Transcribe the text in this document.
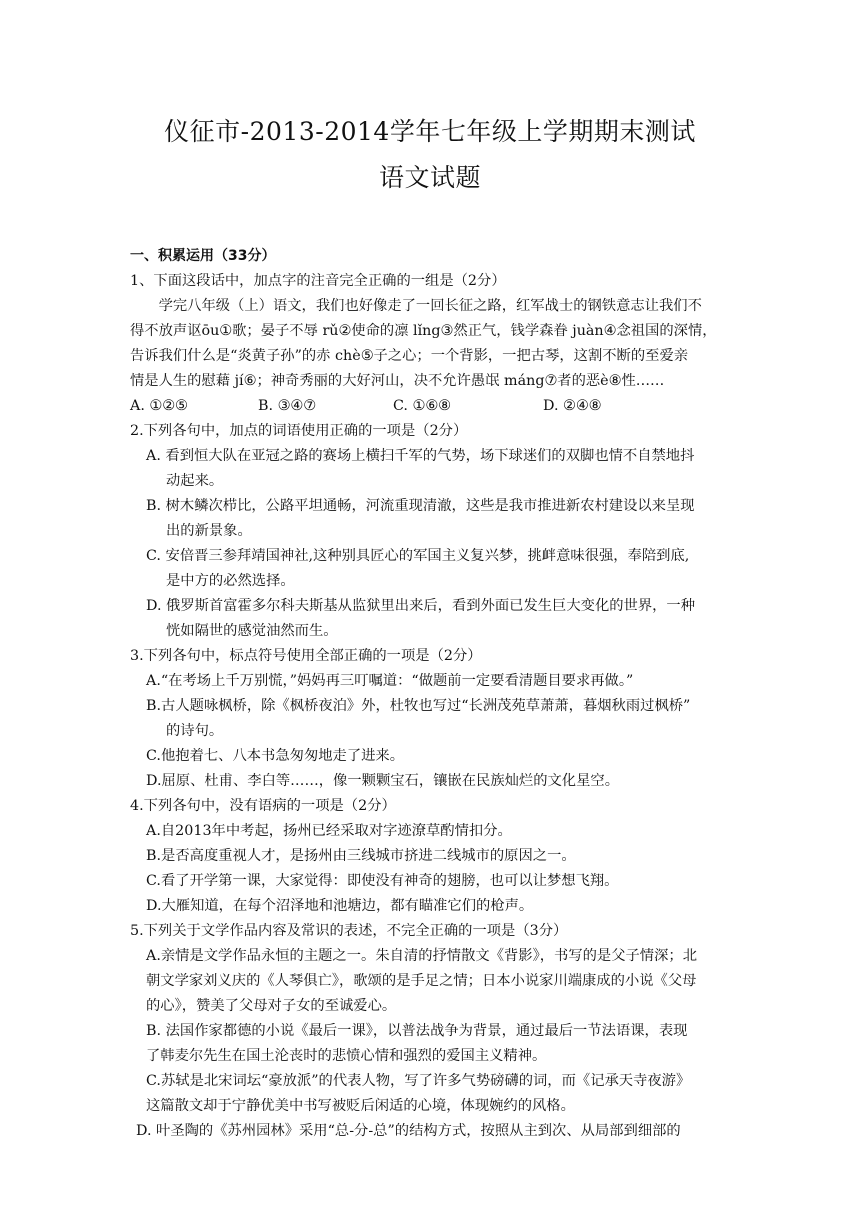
仪征市-2013-2014学年七年级上学期期末测试
语文试题
一、积累运用（33分）
1、下面这段话中，加点字的注音完全正确的一组是（2分）
学完八年级（上）语文，我们也好像走了一回长征之路，红军战士的钢铁意志让我们不
得不放声讴ōu①歌；晏子不辱 rǔ②使命的凛 lǐng③然正气，钱学森眷 juàn④念祖国的深情，
告诉我们什么是“炎黄子孙”的赤 chè⑤子之心；一个背影，一把古琴，这割不断的至爱亲
情是人生的慰藉 jí⑥；神奇秀丽的大好河山，决不允许愚氓 máng⑦者的恶è⑧性……
A. ①②⑤	B. ③④⑦	C. ①⑥⑧	D. ②④⑧
2.下列各句中，加点的词语使用正确的一项是（2分）
A. 看到恒大队在亚冠之路的赛场上横扫千军的气势，场下球迷们的双脚也情不自禁地抖
动起来。
B. 树木鳞次栉比，公路平坦通畅，河流重现清澈，这些是我市推进新农村建设以来呈现
出的新景象。
C. 安倍晋三参拜靖国神社,这种别具匠心的军国主义复兴梦，挑衅意味很强，奉陪到底,
是中方的必然选择。
D. 俄罗斯首富霍多尔科夫斯基从监狱里出来后，看到外面已发生巨大变化的世界，一种
恍如隔世的感觉油然而生。
3.下列各句中，标点符号使用全部正确的一项是（2分）
A.“在考场上千万别慌，”妈妈再三叮嘱道：“做题前一定要看清题目要求再做。”
B.古人题咏枫桥，除《枫桥夜泊》外，杜牧也写过“长洲茂苑草萧萧，暮烟秋雨过枫桥”
的诗句。
C.他抱着七、八本书急匆匆地走了进来。
D.屈原、杜甫、李白等……，像一颗颗宝石，镶嵌在民族灿烂的文化星空。
4.下列各句中，没有语病的一项是（2分）
A.自2013年中考起，扬州已经采取对字迹潦草酌情扣分。
B.是否高度重视人才，是扬州由三线城市挤进二线城市的原因之一。
C.看了开学第一课，大家觉得：即使没有神奇的翅膀，也可以让梦想飞翔。
D.大雁知道，在每个沼泽地和池塘边，都有瞄准它们的枪声。
5.下列关于文学作品内容及常识的表述，不完全正确的一项是（3分）
A.亲情是文学作品永恒的主题之一。朱自清的抒情散文《背影》，书写的是父子情深；北
朝文学家刘义庆的《人琴俱亡》，歌颂的是手足之情；日本小说家川端康成的小说《父母
的心》，赞美了父母对子女的至诚爱心。
B. 法国作家都德的小说《最后一课》，以普法战争为背景，通过最后一节法语课，表现
了韩麦尔先生在国土沦丧时的悲愤心情和强烈的爱国主义精神。
C.苏轼是北宋词坛“豪放派”的代表人物，写了许多气势磅礴的词，而《记承天寺夜游》
这篇散文却于宁静优美中书写被贬后闲适的心境，体现婉约的风格。
D. 叶圣陶的《苏州园林》采用“总-分-总”的结构方式，按照从主到次、从局部到细部的
